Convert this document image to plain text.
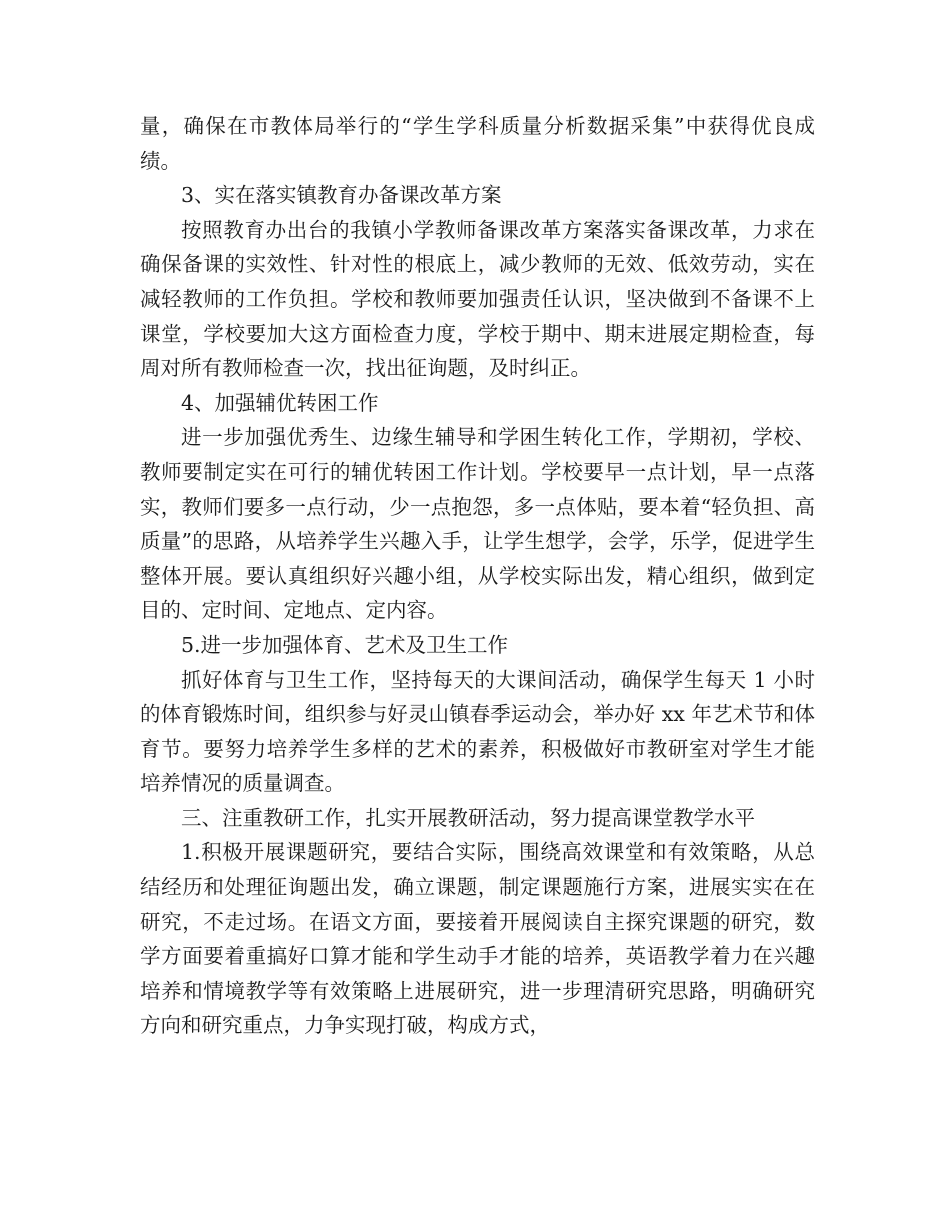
量，确保在市教体局举行的“学生学科质量分析数据采集”中获得优良成绩。

3、实在落实镇教育办备课改革方案

按照教育办出台的我镇小学教师备课改革方案落实备课改革，力求在确保备课的实效性、针对性的根底上，减少教师的无效、低效劳动，实在减轻教师的工作负担。学校和教师要加强责任认识，坚决做到不备课不上课堂，学校要加大这方面检查力度，学校于期中、期末进展定期检查，每周对所有教师检查一次，找出征询题，及时纠正。

4、加强辅优转困工作

进一步加强优秀生、边缘生辅导和学困生转化工作，学期初，学校、教师要制定实在可行的辅优转困工作计划。学校要早一点计划，早一点落实，教师们要多一点行动，少一点抱怨，多一点体贴，要本着“轻负担、高质量”的思路，从培养学生兴趣入手，让学生想学，会学，乐学，促进学生整体开展。要认真组织好兴趣小组，从学校实际出发，精心组织，做到定目的、定时间、定地点、定内容。

5.进一步加强体育、艺术及卫生工作

抓好体育与卫生工作，坚持每天的大课间活动，确保学生每天 1 小时的体育锻炼时间，组织参与好灵山镇春季运动会，举办好 xx 年艺术节和体育节。要努力培养学生多样的艺术的素养，积极做好市教研室对学生才能培养情况的质量调查。

三、注重教研工作，扎实开展教研活动，努力提高课堂教学水平

1.积极开展课题研究，要结合实际，围绕高效课堂和有效策略，从总结经历和处理征询题出发，确立课题，制定课题施行方案，进展实实在在研究，不走过场。在语文方面，要接着开展阅读自主探究课题的研究，数学方面要着重搞好口算才能和学生动手才能的培养，英语教学着力在兴趣培养和情境教学等有效策略上进展研究，进一步理清研究思路，明确研究方向和研究重点，力争实现打破，构成方式，
